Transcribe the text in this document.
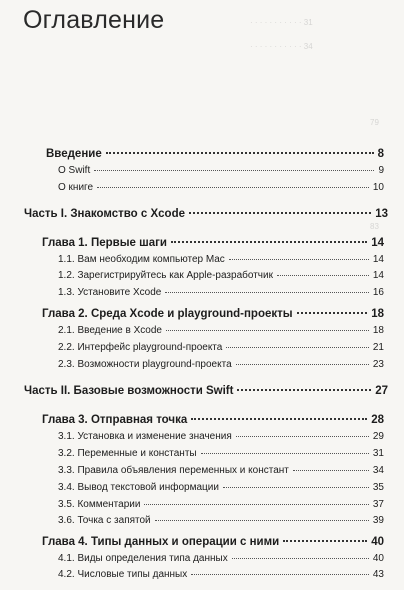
· · · · · · · · · · · 31
· · · · · · · · · · · 34
79
83
Оглавление
Введение	8
О Swift	9
О книге	10
Часть I. Знакомство с Xcode	13
Глава 1. Первые шаги	14
1.1. Вам необходим компьютер Mac	14
1.2. Зарегистрируйтесь как Apple-разработчик	14
1.3. Установите Xcode	16
Глава 2. Среда Xcode и playground-проекты	18
2.1. Введение в Xcode	18
2.2. Интерфейс playground-проекта	21
2.3. Возможности playground-проекта	23
Часть II. Базовые возможности Swift	27
Глава 3. Отправная точка	28
3.1. Установка и изменение значения	29
3.2. Переменные и константы	31
3.3. Правила объявления переменных и констант	34
3.4. Вывод текстовой информации	35
3.5. Комментарии	37
3.6. Точка с запятой	39
Глава 4. Типы данных и операции с ними	40
4.1. Виды определения типа данных	40
4.2. Числовые типы данных	43
